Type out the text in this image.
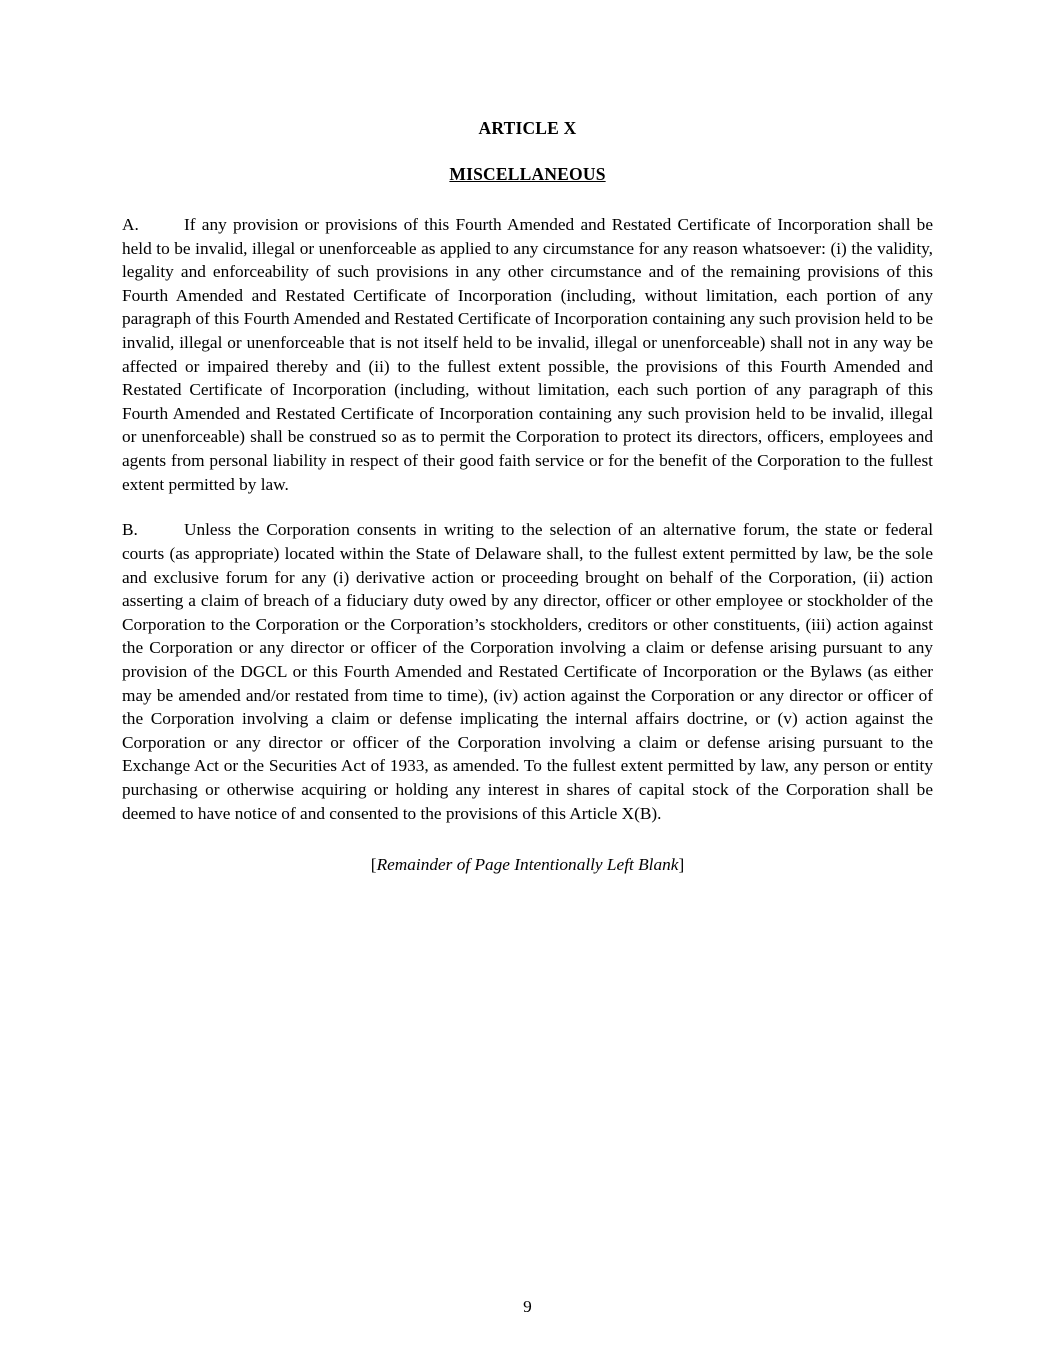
ARTICLE X
MISCELLANEOUS

A.	If any provision or provisions of this Fourth Amended and Restated Certificate of Incorporation shall be held to be invalid, illegal or unenforceable as applied to any circumstance for any reason whatsoever: (i) the validity, legality and enforceability of such provisions in any other circumstance and of the remaining provisions of this Fourth Amended and Restated Certificate of Incorporation (including, without limitation, each portion of any paragraph of this Fourth Amended and Restated Certificate of Incorporation containing any such provision held to be invalid, illegal or unenforceable that is not itself held to be invalid, illegal or unenforceable) shall not in any way be affected or impaired thereby and (ii) to the fullest extent possible, the provisions of this Fourth Amended and Restated Certificate of Incorporation (including, without limitation, each such portion of any paragraph of this Fourth Amended and Restated Certificate of Incorporation containing any such provision held to be invalid, illegal or unenforceable) shall be construed so as to permit the Corporation to protect its directors, officers, employees and agents from personal liability in respect of their good faith service or for the benefit of the Corporation to the fullest extent permitted by law.

B.	Unless the Corporation consents in writing to the selection of an alternative forum, the state or federal courts (as appropriate) located within the State of Delaware shall, to the fullest extent permitted by law, be the sole and exclusive forum for any (i) derivative action or proceeding brought on behalf of the Corporation, (ii) action asserting a claim of breach of a fiduciary duty owed by any director, officer or other employee or stockholder of the Corporation to the Corporation or the Corporation’s stockholders, creditors or other constituents, (iii) action against the Corporation or any director or officer of the Corporation involving a claim or defense arising pursuant to any provision of the DGCL or this Fourth Amended and Restated Certificate of Incorporation or the Bylaws (as either may be amended and/or restated from time to time), (iv) action against the Corporation or any director or officer of the Corporation involving a claim or defense implicating the internal affairs doctrine, or (v) action against the Corporation or any director or officer of the Corporation involving a claim or defense arising pursuant to the Exchange Act or the Securities Act of 1933, as amended. To the fullest extent permitted by law, any person or entity purchasing or otherwise acquiring or holding any interest in shares of capital stock of the Corporation shall be deemed to have notice of and consented to the provisions of this Article X(B).

[Remainder of Page Intentionally Left Blank]

9
